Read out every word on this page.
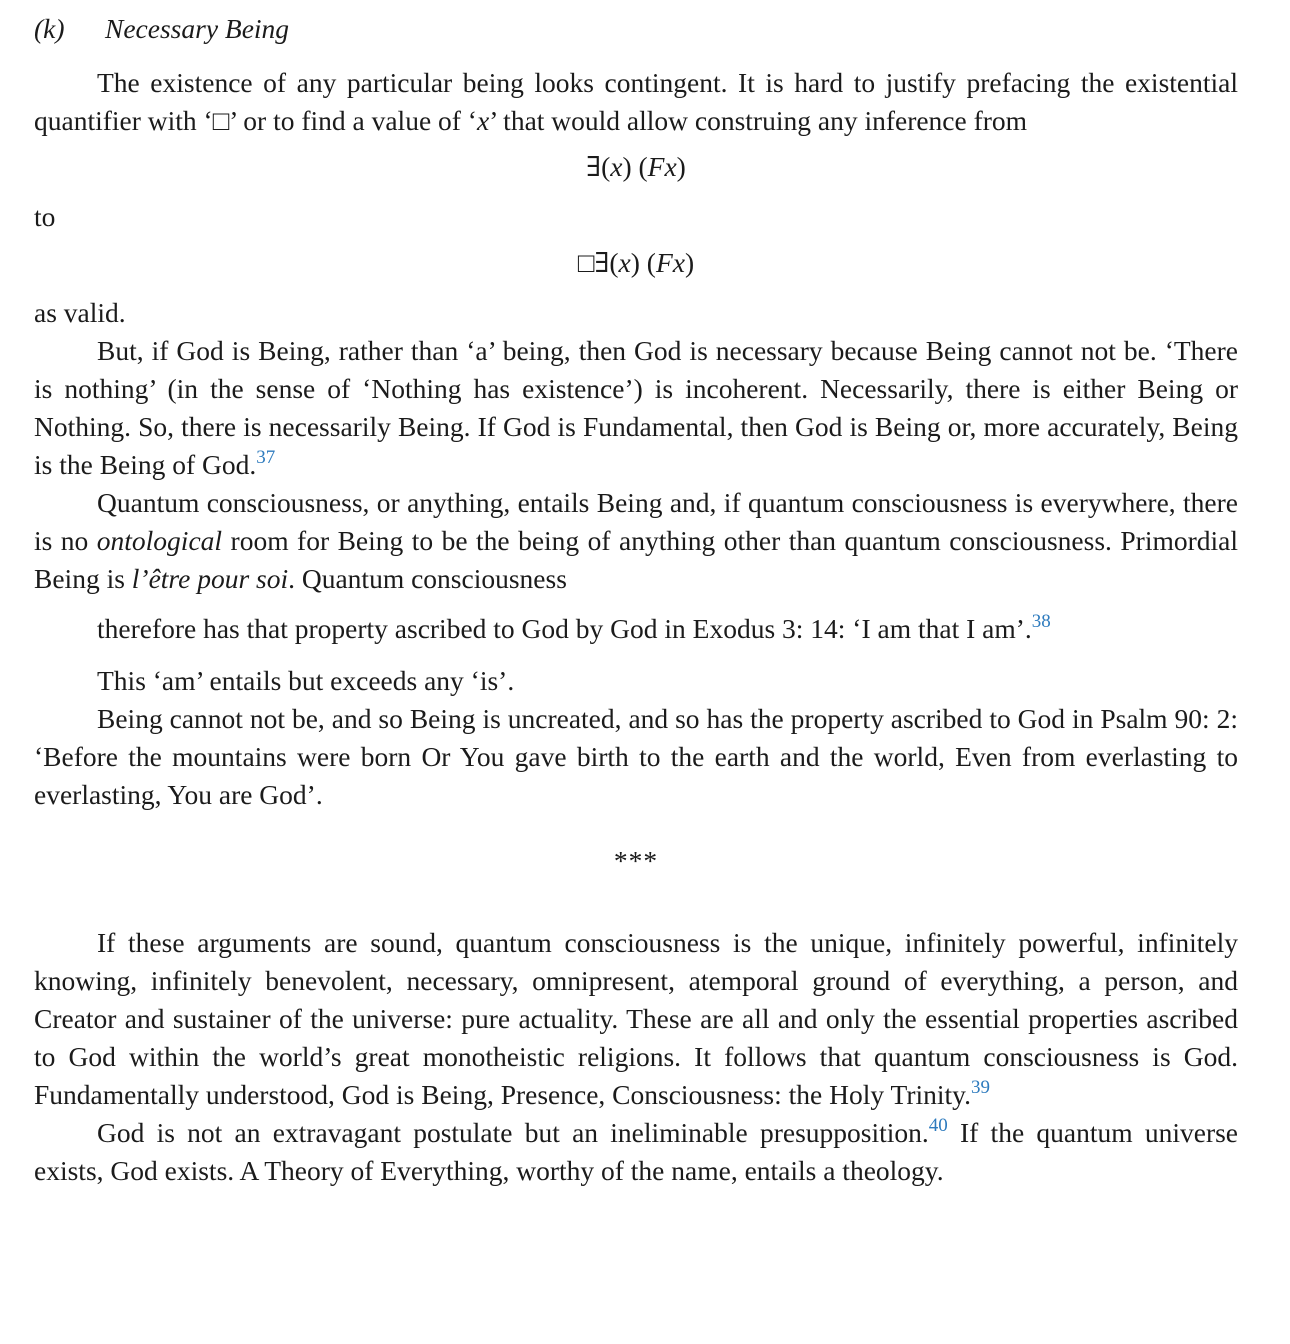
(k) Necessary Being

The existence of any particular being looks contingent. It is hard to justify prefacing the existential quantifier with ‘□’ or to find a value of ‘x’ that would allow construing any inference from

∃(x) (Fx)

to

□∃(x) (Fx)

as valid.

But, if God is Being, rather than ‘a’ being, then God is necessary because Being cannot not be. ‘There is nothing’ (in the sense of ‘Nothing has existence’) is incoherent. Necessarily, there is either Being or Nothing. So, there is necessarily Being. If God is Fundamental, then God is Being or, more accurately, Being is the Being of God.$^{37}$

Quantum consciousness, or anything, entails Being and, if quantum consciousness is everywhere, there is no ontological room for Being to be the being of anything other than quantum consciousness. Primordial Being is l’être pour soi. Quantum consciousness

therefore has that property ascribed to God by God in Exodus 3: 14: ‘I am that I am’.$^{38}$

This ‘am’ entails but exceeds any ‘is’.

Being cannot not be, and so Being is uncreated, and so has the property ascribed to God in Psalm 90: 2: ‘Before the mountains were born Or You gave birth to the earth and the world, Even from everlasting to everlasting, You are God’.

***

If these arguments are sound, quantum consciousness is the unique, infinitely powerful, infinitely knowing, infinitely benevolent, necessary, omnipresent, atemporal ground of everything, a person, and Creator and sustainer of the universe: pure actuality. These are all and only the essential properties ascribed to God within the world’s great monotheistic religions. It follows that quantum consciousness is God. Fundamentally understood, God is Being, Presence, Consciousness: the Holy Trinity.$^{39}$

God is not an extravagant postulate but an ineliminable presupposition.$^{40}$ If the quantum universe exists, God exists. A Theory of Everything, worthy of the name, entails a theology.
